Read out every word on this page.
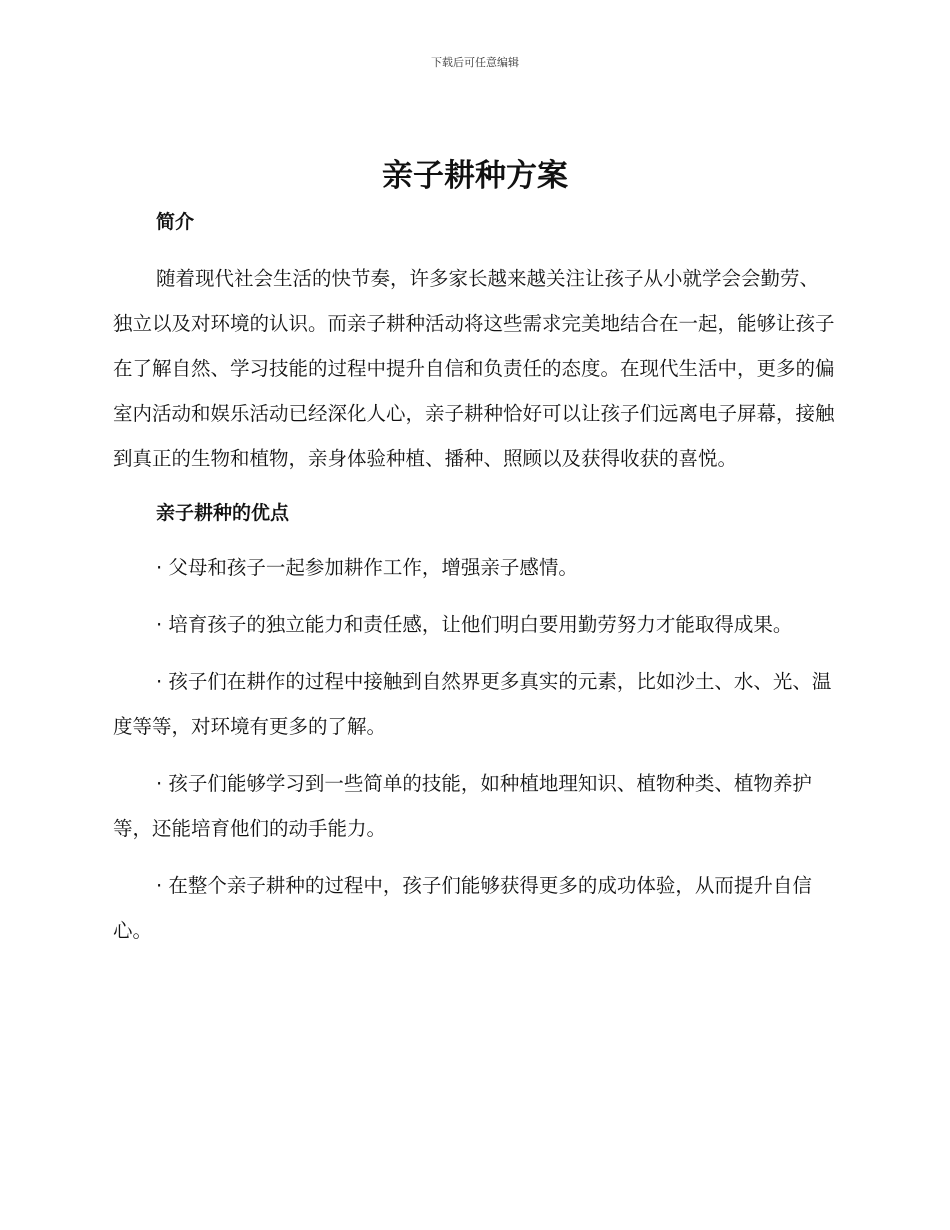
下载后可任意编辑
亲子耕种方案
简介

随着现代社会生活的快节奏，许多家长越来越关注让孩子从小就学会会勤劳、独立以及对环境的认识。而亲子耕种活动将这些需求完美地结合在一起，能够让孩子在了解自然、学习技能的过程中提升自信和负责任的态度。在现代生活中，更多的偏室内活动和娱乐活动已经深化人心，亲子耕种恰好可以让孩子们远离电子屏幕，接触到真正的生物和植物，亲身体验种植、播种、照顾以及获得收获的喜悦。

亲子耕种的优点

· 父母和孩子一起参加耕作工作，增强亲子感情。

· 培育孩子的独立能力和责任感，让他们明白要用勤劳努力才能取得成果。

· 孩子们在耕作的过程中接触到自然界更多真实的元素，比如沙土、水、光、温度等等，对环境有更多的了解。

· 孩子们能够学习到一些简单的技能，如种植地理知识、植物种类、植物养护等，还能培育他们的动手能力。

· 在整个亲子耕种的过程中，孩子们能够获得更多的成功体验，从而提升自信心。
